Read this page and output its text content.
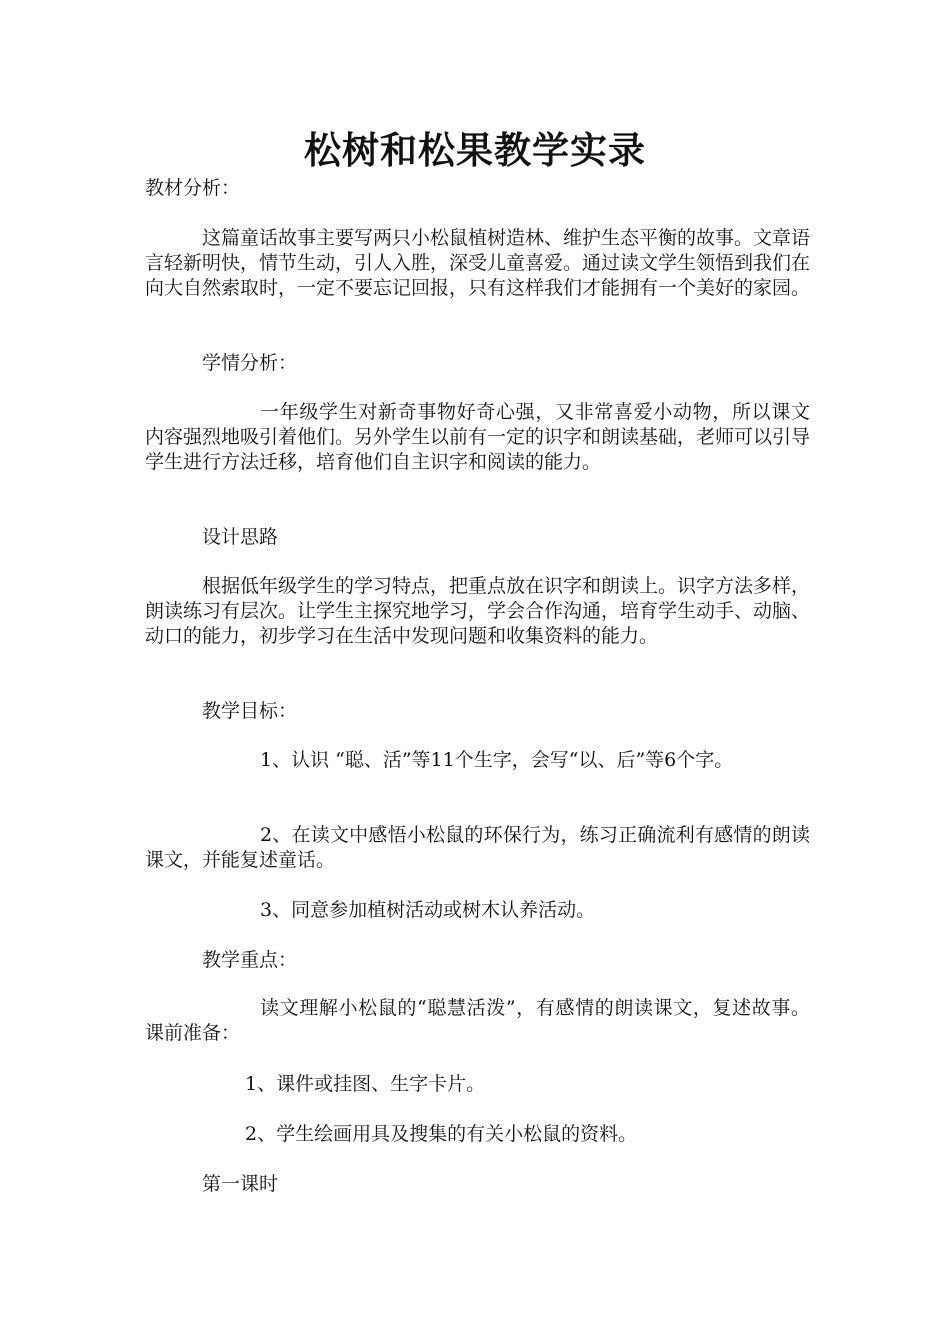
松树和松果教学实录
教材分析：
这篇童话故事主要写两只小松鼠植树造林、维护生态平衡的故事。文章语言轻新明快，情节生动，引人入胜，深受儿童喜爱。通过读文学生领悟到我们在向大自然索取时，一定不要忘记回报，只有这样我们才能拥有一个美好的家园。
学情分析：
一年级学生对新奇事物好奇心强，又非常喜爱小动物，所以课文内容强烈地吸引着他们。另外学生以前有一定的识字和朗读基础，老师可以引导学生进行方法迁移，培育他们自主识字和阅读的能力。
设计思路
根据低年级学生的学习特点，把重点放在识字和朗读上。识字方法多样，朗读练习有层次。让学生主探究地学习，学会合作沟通，培育学生动手、动脑、动口的能力，初步学习在生活中发现问题和收集资料的能力。
教学目标：
1、认识 “聪、活”等11个生字，会写“以、后”等6个字。
2、在读文中感悟小松鼠的环保行为，练习正确流利有感情的朗读课文，并能复述童话。
3、同意参加植树活动或树木认养活动。
教学重点：
读文理解小松鼠的“聪慧活泼”，有感情的朗读课文，复述故事。课前准备：
1、课件或挂图、生字卡片。
2、学生绘画用具及搜集的有关小松鼠的资料。
第一课时
